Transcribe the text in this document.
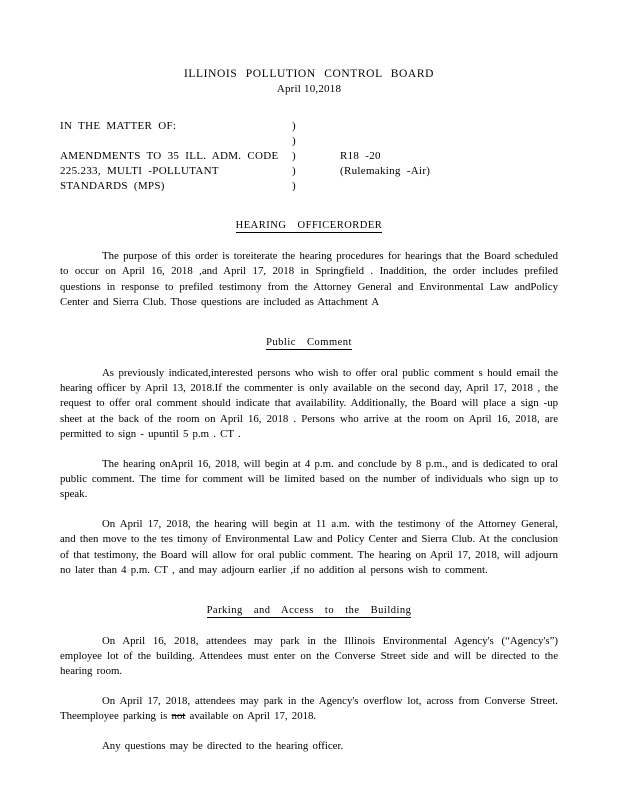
ILLINOIS POLLUTION CONTROL BOARD
April 10,2018
IN THE MATTER OF:	)
)
AMENDMENTS TO 35 ILL. ADM. CODE	)	R18 -20
225.233, MULTI -POLLUTANT	)	(Rulemaking -Air)
STANDARDS (MPS)	)
HEARING OFFICERORDER

The purpose of this order is toreiterate the hearing procedures for hearings that the Board scheduled to occur on April 16, 2018 ,and April 17, 2018 in Springfield . Inaddition, the order includes prefiled questions in response to prefiled testimony from the Attorney General and Environmental Law andPolicy Center and Sierra Club. Those questions are included as Attachment A

Public Comment

As previously indicated,interested persons who wish to offer oral public comment s hould email the hearing officer by April 13, 2018.If the commenter is only available on the second day, April 17, 2018 , the request to offer oral comment should indicate that availability. Additionally, the Board will place a sign -up sheet at the back of the room on April 16, 2018 . Persons who arrive at the room on April 16, 2018, are permitted to sign - upuntil 5 p.m . CT .

The hearing onApril 16, 2018, will begin at 4 p.m. and conclude by 8 p.m., and is dedicated to oral public comment. The time for comment will be limited based on the number of individuals who sign up to speak.

On April 17, 2018, the hearing will begin at 11 a.m. with the testimony of the Attorney General, and then move to the tes timony of Environmental Law and Policy Center and Sierra Club. At the conclusion of that testimony, the Board will allow for oral public comment. The hearing on April 17, 2018, will adjourn no later than 4 p.m. CT , and may adjourn earlier ,if no addition al persons wish to comment.

Parking and Access to the Building

On April 16, 2018, attendees may park in the Illinois Environmental Agency's (“Agency's”) employee lot of the building. Attendees must enter on the Converse Street side and will be directed to the hearing room.

On April 17, 2018, attendees may park in the Agency's overflow lot, across from Converse Street. Theemployee parking is not available on April 17, 2018.

Any questions may be directed to the hearing officer.
